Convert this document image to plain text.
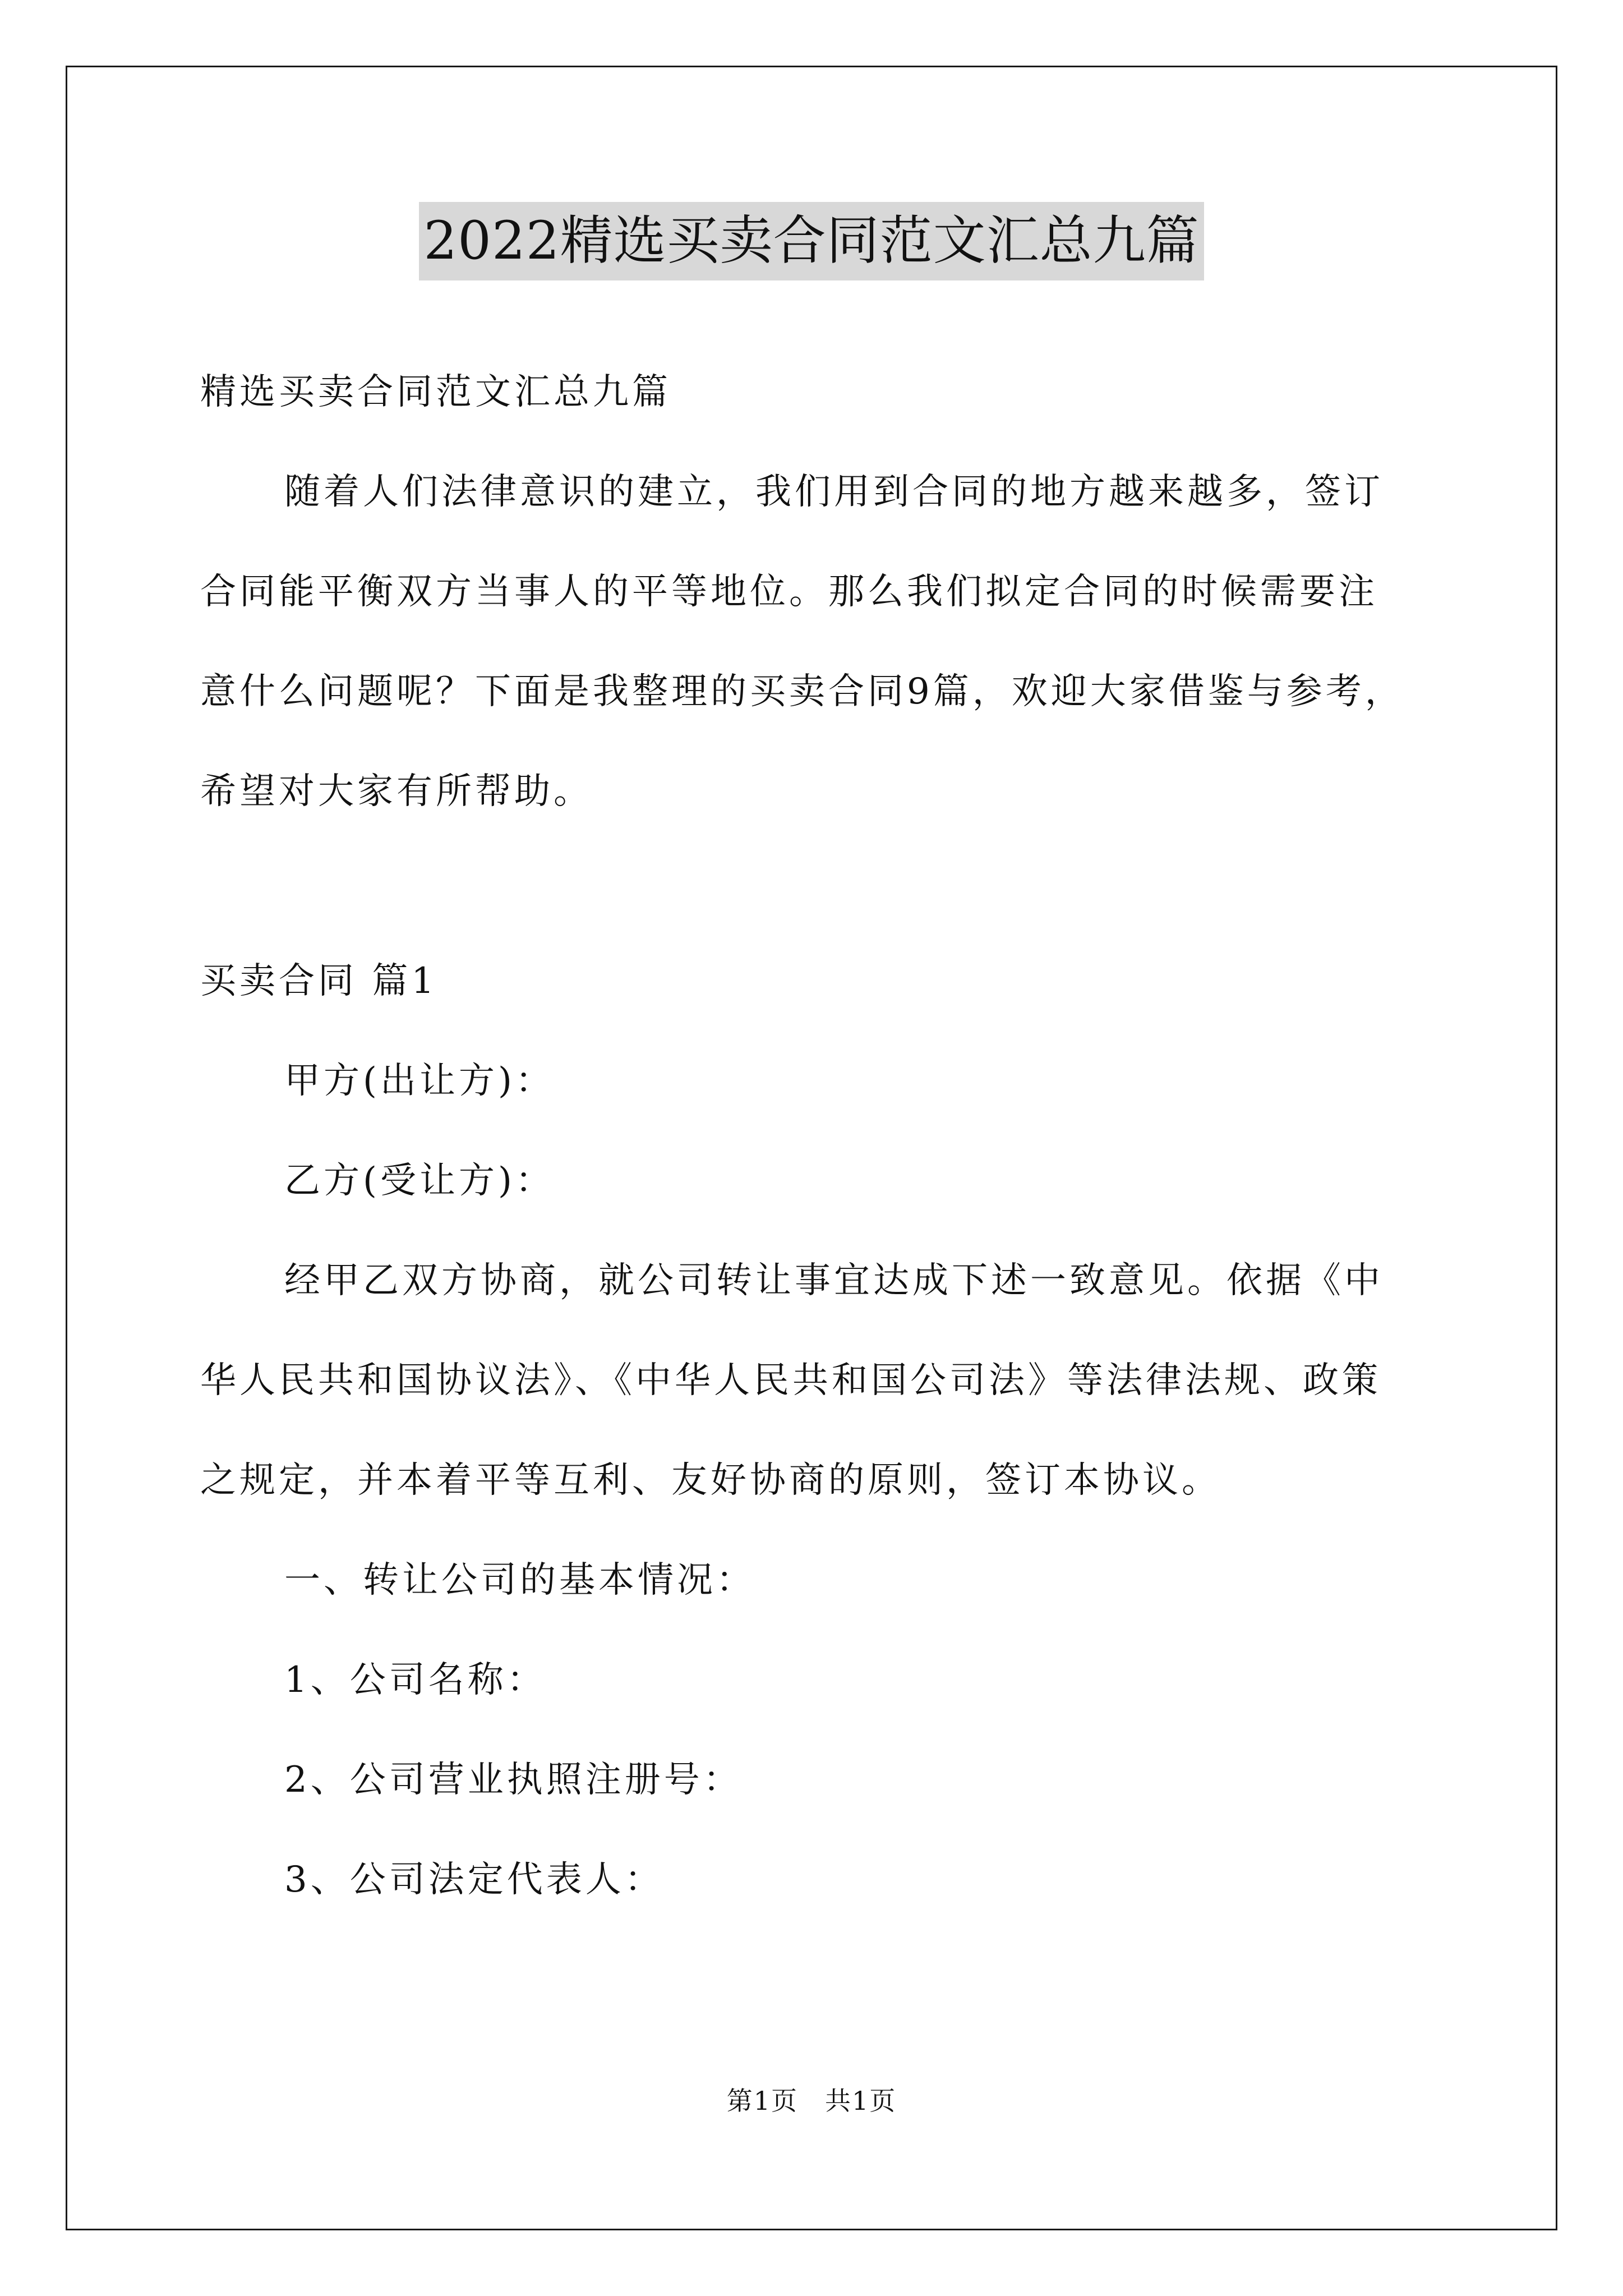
2022精选买卖合同范文汇总九篇

精选买卖合同范文汇总九篇

随着人们法律意识的建立，我们用到合同的地方越来越多，签订

合同能平衡双方当事人的平等地位。那么我们拟定合同的时候需要注

意什么问题呢？下面是我整理的买卖合同9篇，欢迎大家借鉴与参考，

希望对大家有所帮助。

买卖合同 篇1

甲方(出让方)：

乙方(受让方)：

经甲乙双方协商，就公司转让事宜达成下述一致意见。依据《中

华人民共和国协议法》、《中华人民共和国公司法》等法律法规、政策

之规定，并本着平等互利、友好协商的原则，签订本协议。

一、转让公司的基本情况：

1、公司名称：

2、公司营业执照注册号：

3、公司法定代表人：

第1页　共1页
